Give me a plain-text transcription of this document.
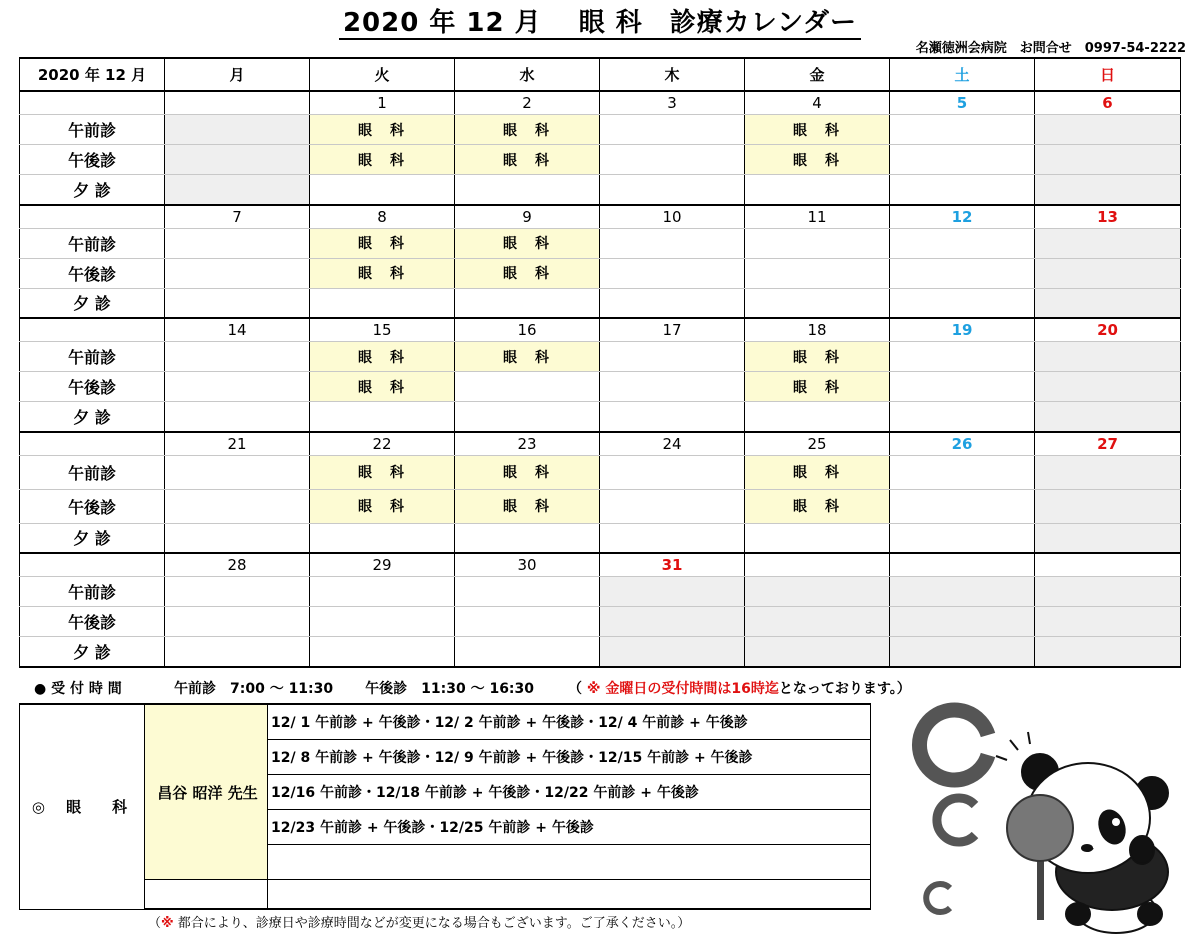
2020 年 12 月　 眼 科　診療カレンダー
名瀬徳洲会病院　お問合せ　0997-54-2222
2020 年 12 月	月	火	水	木	金	土	日
		1	2	3	4	5	6
午前診		眼　科	眼　科		眼　科		
午後診		眼　科	眼　科		眼　科		
夕 診							
	7	8	9	10	11	12	13
午前診		眼　科	眼　科				
午後診		眼　科	眼　科				
夕 診							
	14	15	16	17	18	19	20
午前診		眼　科	眼　科		眼　科		
午後診		眼　科			眼　科		
夕 診							
	21	22	23	24	25	26	27
午前診		眼　科	眼　科		眼　科		
午後診		眼　科	眼　科		眼　科		
夕 診							
	28	29	30	31			
午前診							
午後診							
夕 診							
● 受 付 時 間	午前診　7:00 ～ 11:30 午後診　11:30 ～ 16:30 （ ※ 金曜日の受付時間は16時迄となっております。）
◎ 眼　科	昌谷 昭洋 先生	12/ 1 午前診 + 午後診・12/ 2 午前診 + 午後診・12/ 4 午前診 + 午後診
		12/ 8 午前診 + 午後診・12/ 9 午前診 + 午後診・12/15 午前診 + 午後診
		12/16 午前診・12/18 午前診 + 午後診・12/22 午前診 + 午後診
		12/23 午前診 + 午後診・12/25 午前診 + 午後診

（※ 都合により、診療日や診療時間などが変更になる場合もございます。ご了承ください。）
